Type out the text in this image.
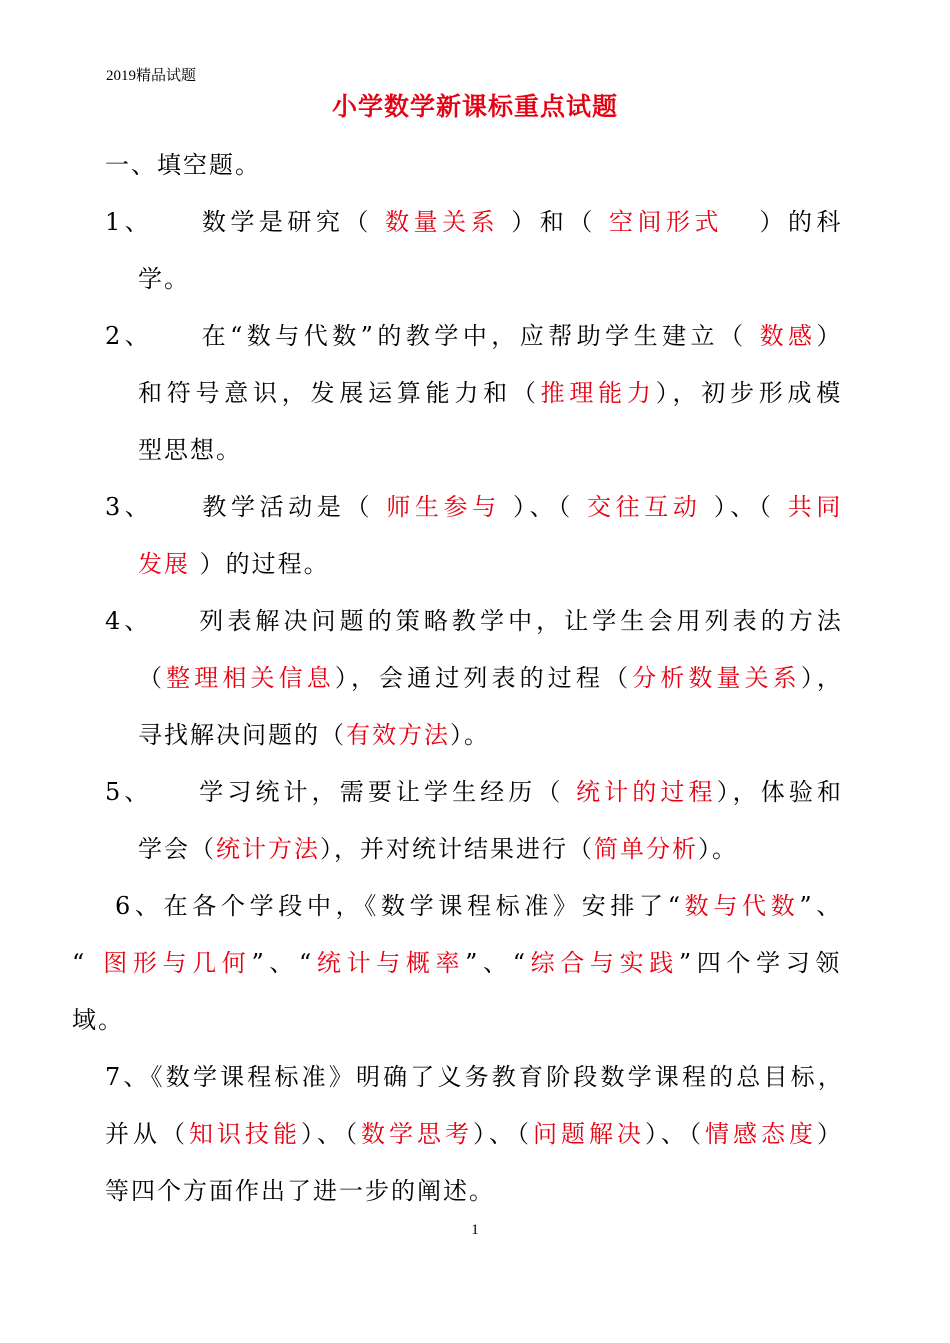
2019精品试题
小学数学新课标重点试题
一、填空题。
1、    数学是研究（ 数量关系 ）和（ 空间形式   ）的科
学。
2、    在“数与代数”的教学中，应帮助学生建立（ 数感）
和符号意识，发展运算能力和（推理能力），初步形成模
型思想。
3、    教学活动是（ 师生参与 ）、（ 交往互动 ）、（ 共同
发展 ）的过程。
4、    列表解决问题的策略教学中，让学生会用列表的方法
（整理相关信息），会通过列表的过程（分析数量关系），
寻找解决问题的（有效方法）。
5、    学习统计，需要让学生经历（ 统计的过程），体验和
学会（统计方法），并对统计结果进行（简单分析）。
6、在各个学段中，《数学课程标准》安排了“数与代数”、
“ 图形与几何”、“统计与概率”、“综合与实践”四个学习领
域。
7、《数学课程标准》明确了义务教育阶段数学课程的总目标，
并从（知识技能）、（数学思考）、（问题解决）、（情感态度）
等四个方面作出了进一步的阐述。
1
